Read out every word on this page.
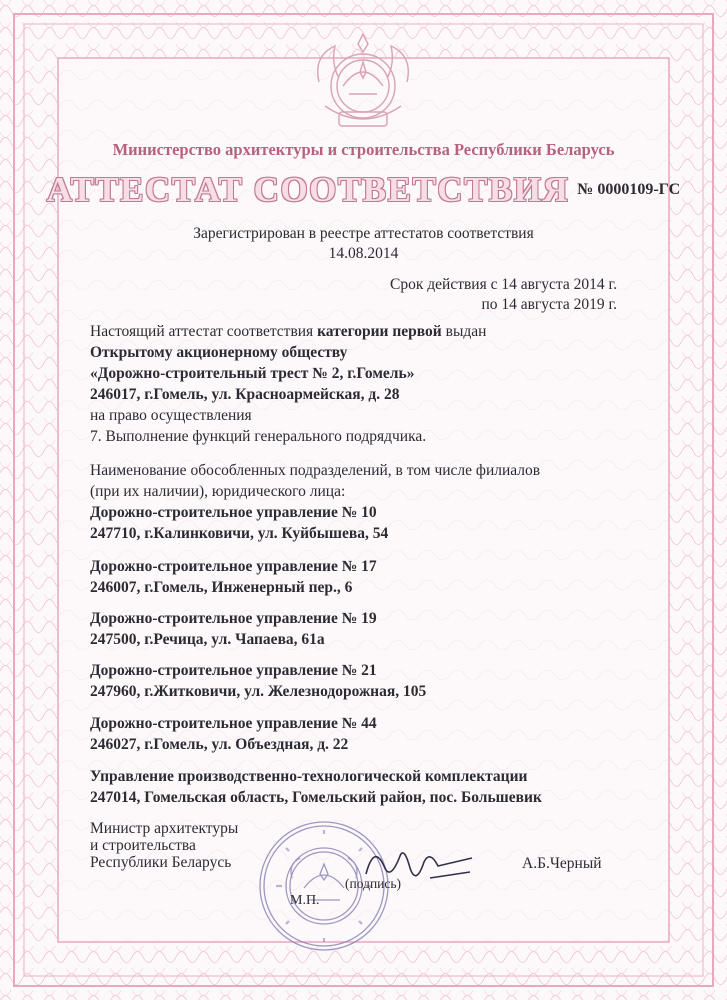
Министерство архитектуры и строительства Республики Беларусь
АТТЕСТАТ СООТВЕТСТВИЯ № 0000109-ГС
Зарегистрирован в реестре аттестатов соответствия
14.08.2014
Срок действия с 14 августа 2014 г.
по 14 августа 2019 г.
Настоящий аттестат соответствия категории первой выдан
Открытому акционерному обществу
«Дорожно-строительный трест № 2, г.Гомель»
246017, г.Гомель, ул. Красноармейская, д. 28
на право осуществления
7. Выполнение функций генерального подрядчика.
Наименование обособленных подразделений, в том числе филиалов
(при их наличии), юридического лица:
Дорожно-строительное управление № 10
247710, г.Калинковичи, ул. Куйбышева, 54
Дорожно-строительное управление № 17
246007, г.Гомель, Инженерный пер., 6
Дорожно-строительное управление № 19
247500, г.Речица, ул. Чапаева, 61а
Дорожно-строительное управление № 21
247960, г.Житковичи, ул. Железнодорожная, 105
Дорожно-строительное управление № 44
246027, г.Гомель, ул. Объездная, д. 22
Управление производственно-технологической комплектации
247014, Гомельская область, Гомельский район, пос. Большевик
Министр архитектуры
и строительства
Республики Беларусь
(подпись)
М.П.
А.Б.Черный
